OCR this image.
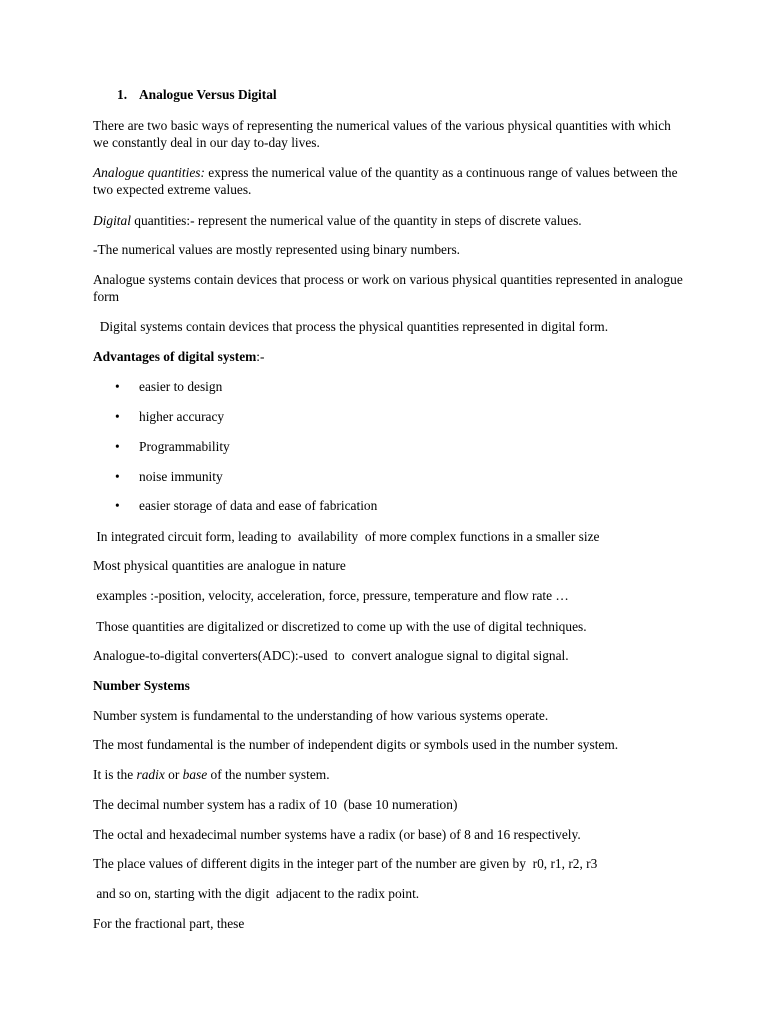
1. Analogue Versus Digital
There are two basic ways of representing the numerical values of the various physical quantities with which we constantly deal in our day to-day lives.
Analogue quantities: express the numerical value of the quantity as a continuous range of values between the two expected extreme values.
Digital quantities:- represent the numerical value of the quantity in steps of discrete values.
-The numerical values are mostly represented using binary numbers.
Analogue systems contain devices that process or work on various physical quantities represented in analogue form
Digital systems contain devices that process the physical quantities represented in digital form.
Advantages of digital system:-
• easier to design
• higher accuracy
• Programmability
• noise immunity
• easier storage of data and ease of fabrication
In integrated circuit form, leading to  availability  of more complex functions in a smaller size
Most physical quantities are analogue in nature
examples :-position, velocity, acceleration, force, pressure, temperature and flow rate …
Those quantities are digitalized or discretized to come up with the use of digital techniques.
Analogue-to-digital converters(ADC):-used  to  convert analogue signal to digital signal.
Number Systems
Number system is fundamental to the understanding of how various systems operate.
The most fundamental is the number of independent digits or symbols used in the number system.
It is the radix or base of the number system.
The decimal number system has a radix of 10  (base 10 numeration)
The octal and hexadecimal number systems have a radix (or base) of 8 and 16 respectively.
The place values of different digits in the integer part of the number are given by  r0, r1, r2, r3
and so on, starting with the digit  adjacent to the radix point.
For the fractional part, these
